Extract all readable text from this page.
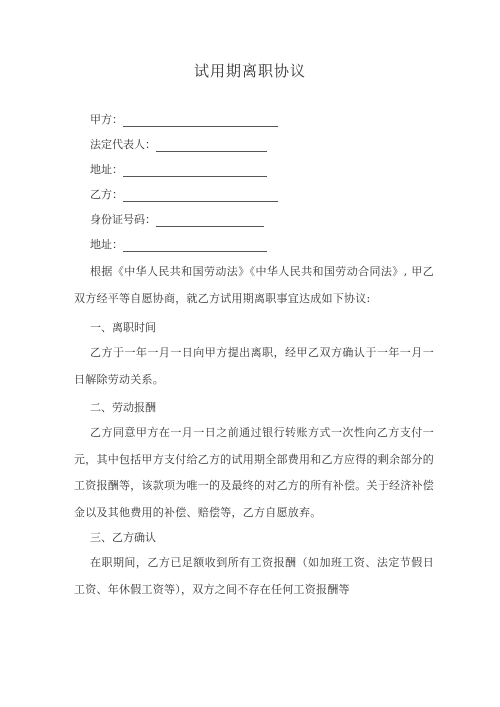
试用期离职协议
甲方：
法定代表人：
地址：
乙方：
身份证号码：
地址：

根据《中华人民共和国劳动法》《中华人民共和国劳动合同法》, 甲乙双方经平等自愿协商，就乙方试用期离职事宜达成如下协议:

一、离职时间

乙方于一年一月一日向甲方提出离职，经甲乙双方确认于一年一月一日解除劳动关系。

二、劳动报酬

乙方同意甲方在一月一日之前通过银行转账方式一次性向乙方支付一元，其中包括甲方支付给乙方的试用期全部费用和乙方应得的剩余部分的工资报酬等，该款项为唯一的及最终的对乙方的所有补偿。关于经济补偿金以及其他费用的补偿、赔偿等，乙方自愿放弃。

三、乙方确认

在职期间，乙方已足额收到所有工资报酬（如加班工资、法定节假日工资、年休假工资等），双方之间不存在任何工资报酬等
